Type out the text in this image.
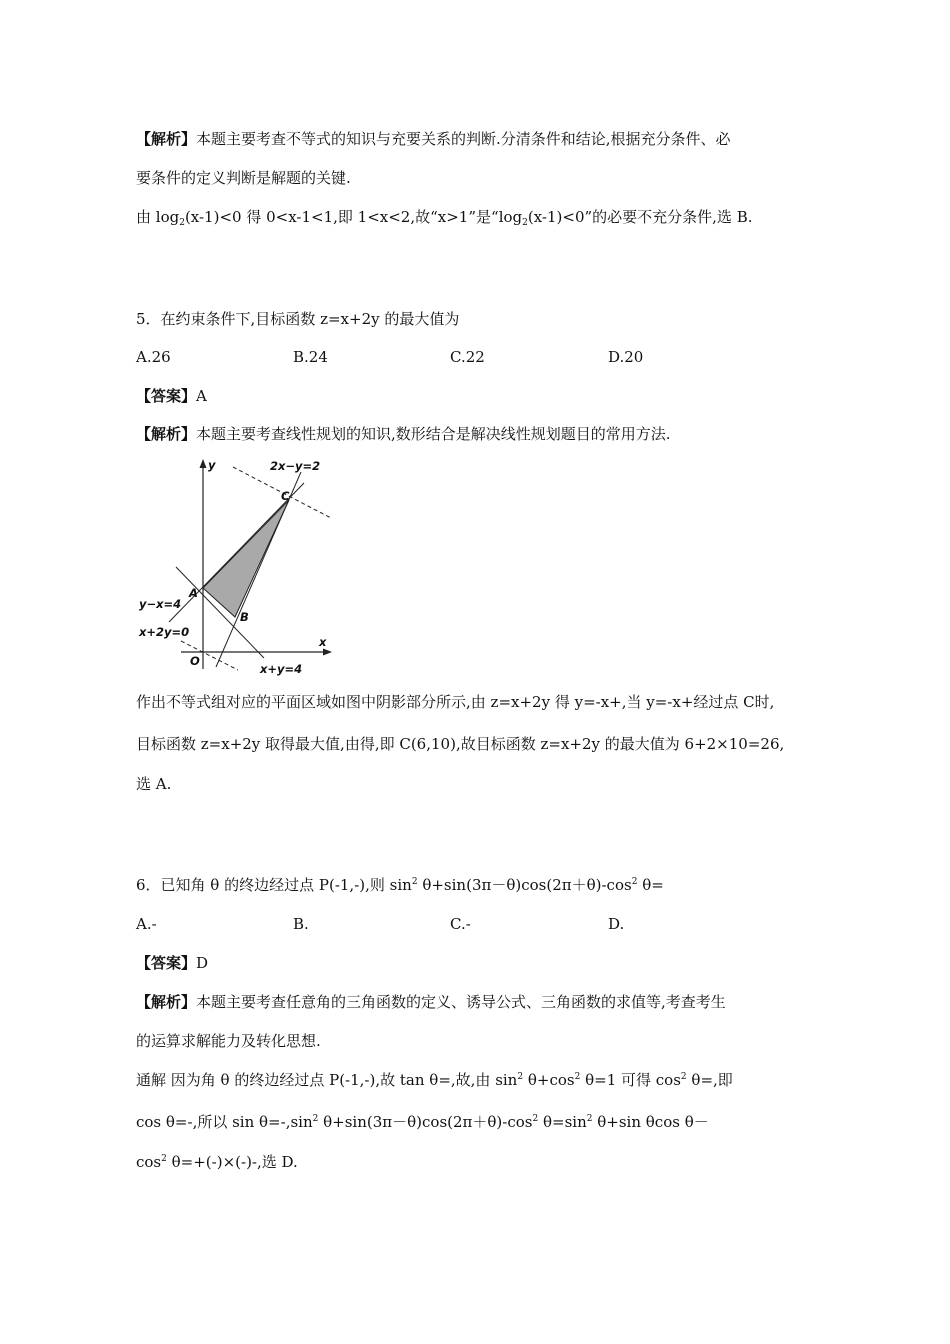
【解析】本题主要考查不等式的知识与充要关系的判断.分清条件和结论,根据充分条件、必
要条件的定义判断是解题的关键.
由 $\log_2(x-1)<0$ 得 0<x-1<1,即 1<x<2,故“x>1”是“$\log_2(x-1)<0$”的必要不充分条件,选 B.
5．在约束条件下,目标函数 z=x+2y 的最大值为
A.26	B.24	C.22	D.20
【答案】A
【解析】本题主要考查线性规划的知识,数形结合是解决线性规划题目的常用方法.
y
x
O
A
B
C
2x−y=2
y−x=4
x+2y=0
x+y=4
作出不等式组对应的平面区域如图中阴影部分所示,由 z=x+2y 得 y=-x+,当 y=-x+经过点 C时,
目标函数 z=x+2y 取得最大值,由得,即 C(6,10),故目标函数 z=x+2y 的最大值为 6+2×10=26,
选 A.
6．已知角 θ 的终边经过点 P(-1,-),则 $\sin^2 \theta+\sin(3\pi-\theta)\cos(2\pi+\theta)-\cos^2$ θ=
A.-	B.	C.-	D.
【答案】D
【解析】本题主要考查任意角的三角函数的定义、诱导公式、三角函数的求值等,考查考生
的运算求解能力及转化思想.
通解 因为角 θ 的终边经过点 P(-1,-),故 tan θ=,故,由 $\sin^2 \theta+\cos^2$ θ=1 可得 $\cos^2 \theta=$,即
cos θ=-,所以 $\sin \theta=-,\sin^2$ $\theta+\sin(3\pi-\theta)\cos(2\pi+\theta)-\cos^2$ $\theta=\sin^2$ θ+sin θcos θ－
$\cos^2 \theta=+(-)\times(-)-$,选 D.
